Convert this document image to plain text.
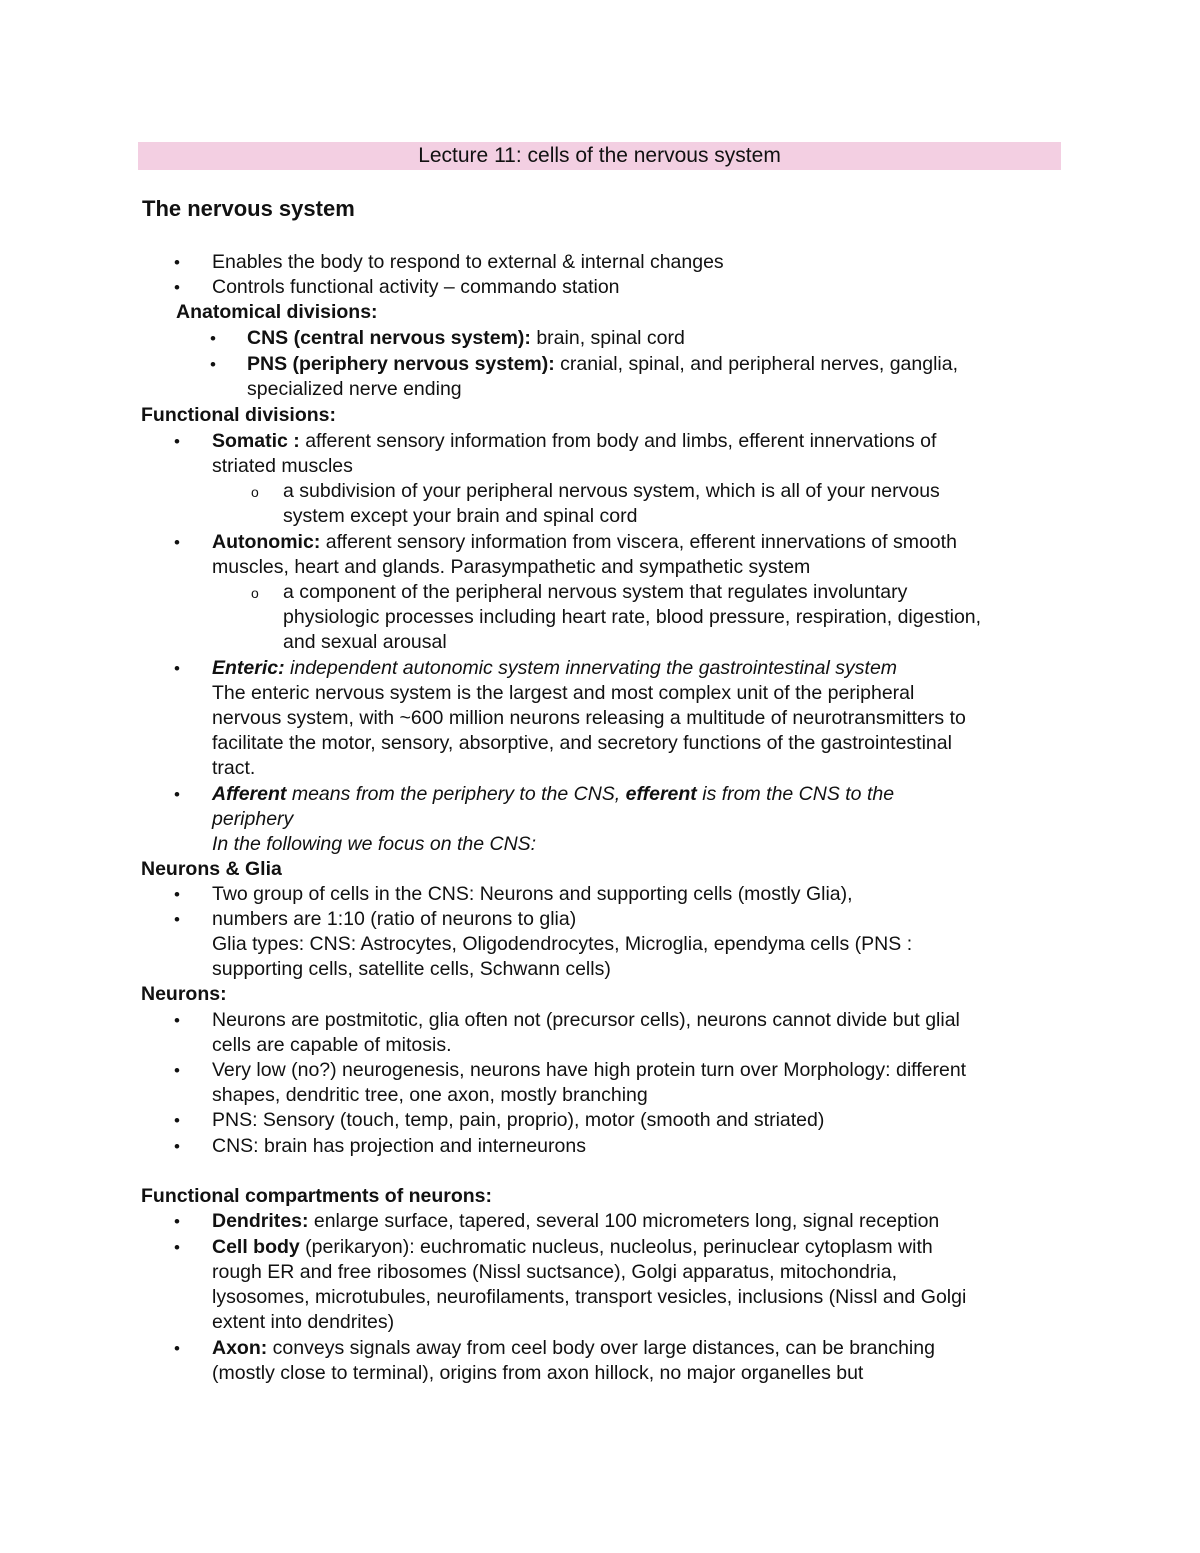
Lecture 11: cells of the nervous system
The nervous system
• Enables the body to respond to external & internal changes
• Controls functional activity – commando station
Anatomical divisions:
• CNS (central nervous system): brain, spinal cord
• PNS (periphery nervous system): cranial, spinal, and peripheral nerves, ganglia,
specialized nerve ending
Functional divisions:
• Somatic : afferent sensory information from body and limbs, efferent innervations of
striated muscles
o a subdivision of your peripheral nervous system, which is all of your nervous
system except your brain and spinal cord
• Autonomic: afferent sensory information from viscera, efferent innervations of smooth
muscles, heart and glands. Parasympathetic and sympathetic system
o a component of the peripheral nervous system that regulates involuntary
physiologic processes including heart rate, blood pressure, respiration, digestion,
and sexual arousal
• Enteric: independent autonomic system innervating the gastrointestinal system
The enteric nervous system is the largest and most complex unit of the peripheral
nervous system, with ~600 million neurons releasing a multitude of neurotransmitters to
facilitate the motor, sensory, absorptive, and secretory functions of the gastrointestinal
tract.
• Afferent means from the periphery to the CNS, efferent is from the CNS to the
periphery
In the following we focus on the CNS:
Neurons & Glia
• Two group of cells in the CNS: Neurons and supporting cells (mostly Glia),
• numbers are 1:10 (ratio of neurons to glia)
Glia types: CNS: Astrocytes, Oligodendrocytes, Microglia, ependyma cells (PNS :
supporting cells, satellite cells, Schwann cells)
Neurons:
• Neurons are postmitotic, glia often not (precursor cells), neurons cannot divide but glial
cells are capable of mitosis.
• Very low (no?) neurogenesis, neurons have high protein turn over Morphology: different
shapes, dendritic tree, one axon, mostly branching
• PNS: Sensory (touch, temp, pain, proprio), motor (smooth and striated)
• CNS: brain has projection and interneurons
Functional compartments of neurons:
• Dendrites: enlarge surface, tapered, several 100 micrometers long, signal reception
• Cell body (perikaryon): euchromatic nucleus, nucleolus, perinuclear cytoplasm with
rough ER and free ribosomes (Nissl suctsance), Golgi apparatus, mitochondria,
lysosomes, microtubules, neurofilaments, transport vesicles, inclusions (Nissl and Golgi
extent into dendrites)
• Axon: conveys signals away from ceel body over large distances, can be branching
(mostly close to terminal), origins from axon hillock, no major organelles but
